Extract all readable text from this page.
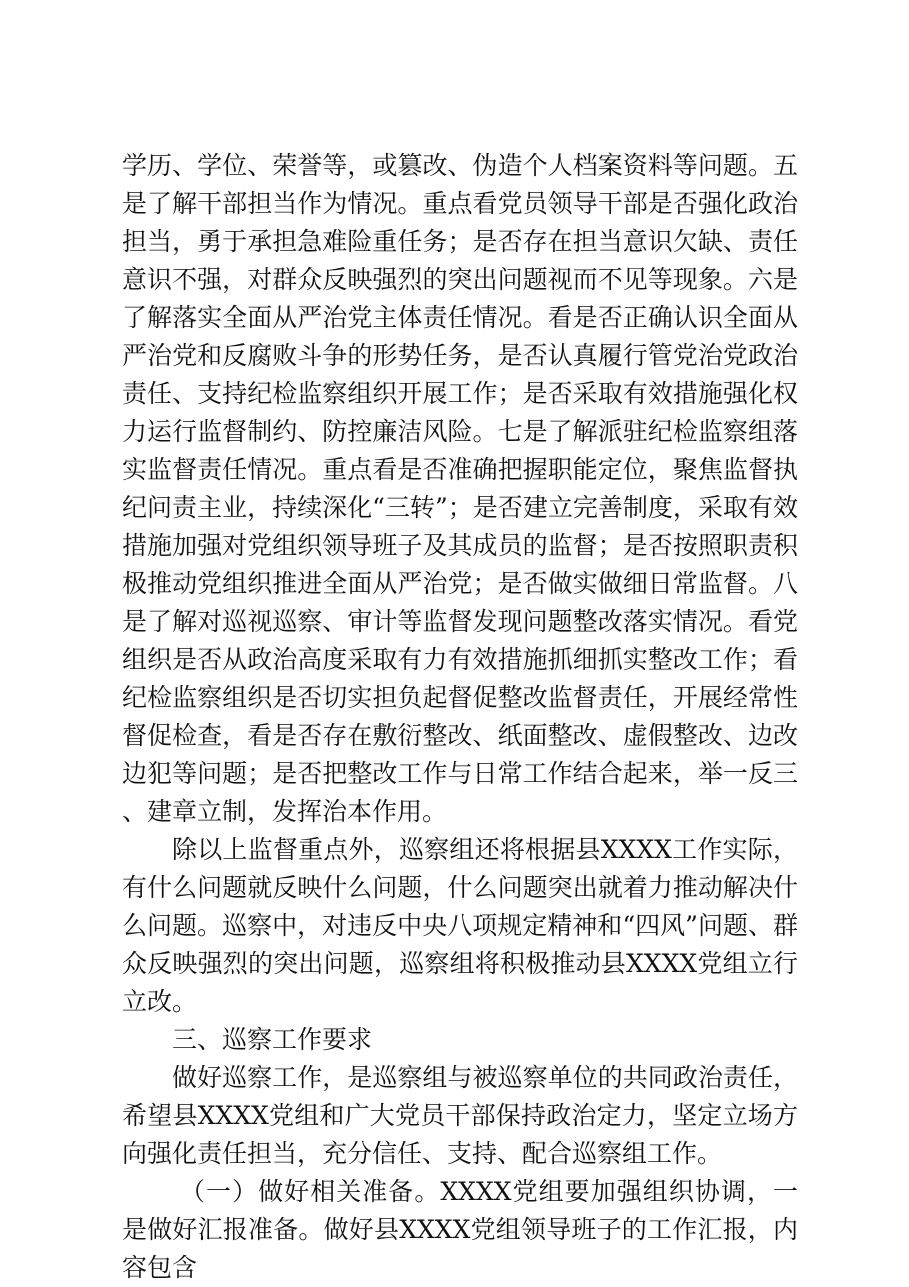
学历、学位、荣誉等，或篡改、伪造个人档案资料等问题。五是了解干部担当作为情况。重点看党员领导干部是否强化政治担当，勇于承担急难险重任务；是否存在担当意识欠缺、责任意识不强，对群众反映强烈的突出问题视而不见等现象。六是了解落实全面从严治党主体责任情况。看是否正确认识全面从严治党和反腐败斗争的形势任务，是否认真履行管党治党政治责任、支持纪检监察组织开展工作；是否采取有效措施强化权力运行监督制约、防控廉洁风险。七是了解派驻纪检监察组落实监督责任情况。重点看是否准确把握职能定位，聚焦监督执纪问责主业，持续深化“三转”；是否建立完善制度，采取有效措施加强对党组织领导班子及其成员的监督；是否按照职责积极推动党组织推进全面从严治党；是否做实做细日常监督。八是了解对巡视巡察、审计等监督发现问题整改落实情况。看党组织是否从政治高度采取有力有效措施抓细抓实整改工作；看纪检监察组织是否切实担负起督促整改监督责任，开展经常性督促检查，看是否存在敷衍整改、纸面整改、虚假整改、边改边犯等问题；是否把整改工作与日常工作结合起来，举一反三、建章立制，发挥治本作用。

除以上监督重点外，巡察组还将根据县XXXX工作实际，有什么问题就反映什么问题，什么问题突出就着力推动解决什么问题。巡察中，对违反中央八项规定精神和“四风”问题、群众反映强烈的突出问题，巡察组将积极推动县XXXX党组立行立改。

三、巡察工作要求

做好巡察工作，是巡察组与被巡察单位的共同政治责任，希望县XXXX党组和广大党员干部保持政治定力，坚定立场方向强化责任担当，充分信任、支持、配合巡察组工作。

（一）做好相关准备。XXXX党组要加强组织协调，一是做好汇报准备。做好县XXXX党组领导班子的工作汇报，内容包含
